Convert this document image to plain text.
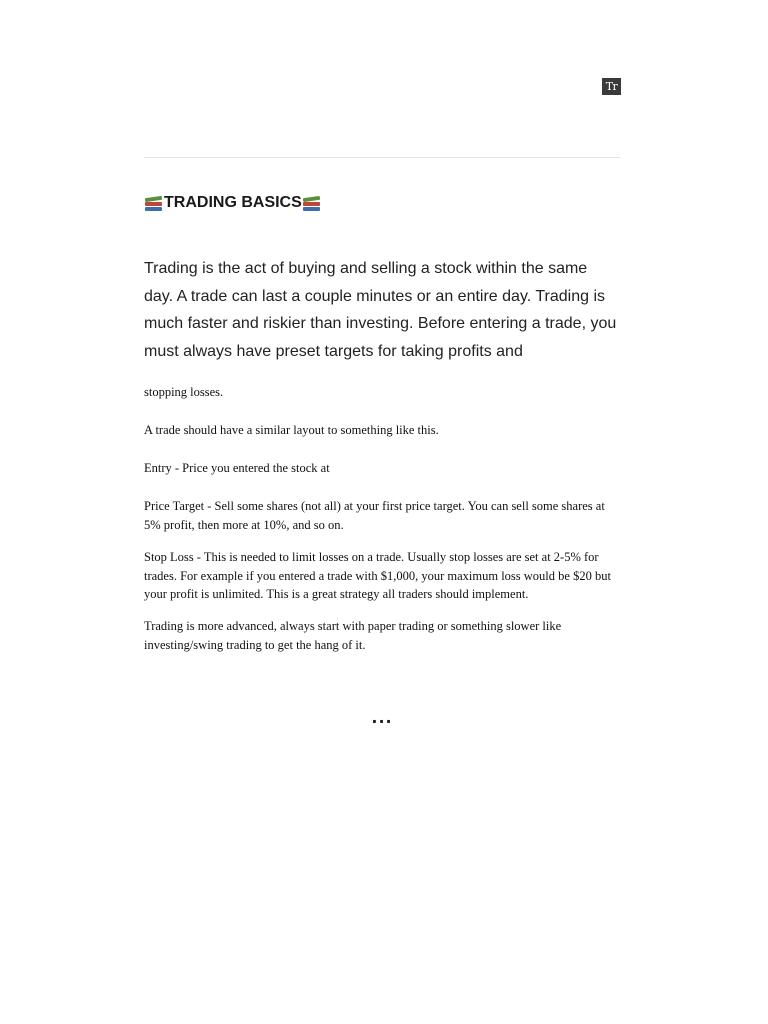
Tr
TRADING BASICS

Trading is the act of buying and selling a stock within the same day. A trade can last a couple minutes or an entire day. Trading is much faster and riskier than investing. Before entering a trade, you must always have preset targets for taking profits and

stopping losses.

A trade should have a similar layout to something like this.

Entry - Price you entered the stock at

Price Target - Sell some shares (not all) at your first price target. You can sell some shares at 5% profit, then more at 10%, and so on.

Stop Loss - This is needed to limit losses on a trade. Usually stop losses are set at 2-5% for trades. For example if you entered a trade with $1,000, your maximum loss would be $20 but your profit is unlimited. This is a great strategy all traders should implement.

Trading is more advanced, always start with paper trading or something slower like investing/swing trading to get the hang of it.

...
